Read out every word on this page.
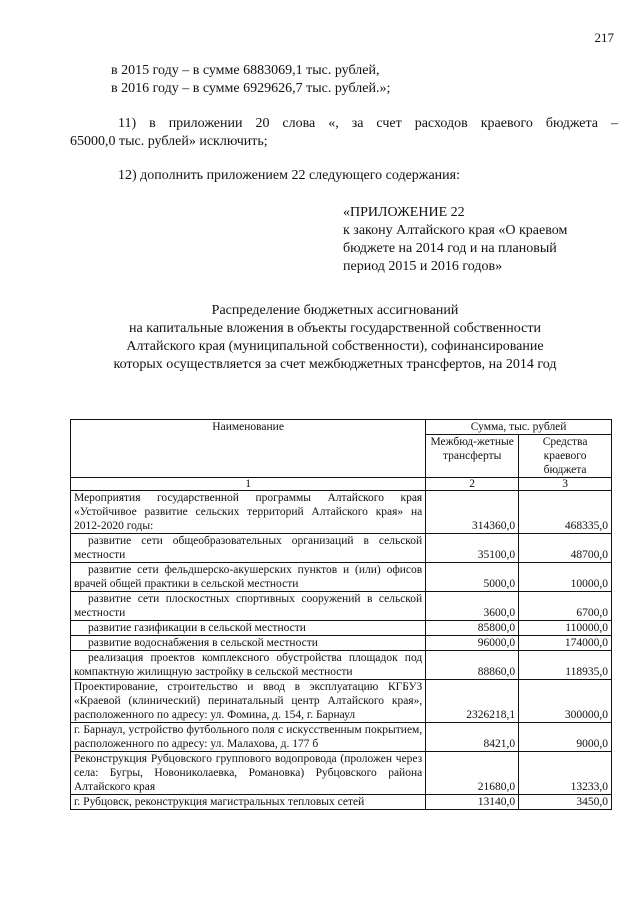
217
в 2015 году – в сумме 6883069,1 тыс. рублей,
в 2016 году – в сумме 6929626,7 тыс. рублей.»;
11) в приложении 20 слова «, за счет расходов краевого бюджета –
65000,0 тыс. рублей» исключить;
12) дополнить приложением 22 следующего содержания:
«ПРИЛОЖЕНИЕ 22
к закону Алтайского края «О краевом
бюджете на 2014 год и на плановый
период 2015 и 2016 годов»
Распределение бюджетных ассигнований
на капитальные вложения в объекты государственной собственности
Алтайского края (муниципальной собственности), софинансирование
которых осуществляется за счет межбюджетных трансфертов, на 2014 год
Наименование	Сумма, тыс. рублей	
	Межбюд-жетные трансферты	Средства краевого бюджета
1	2	3
Мероприятия государственной программы Алтайского края «Устойчивое развитие сельских территорий Алтайского края» на 2012-2020 годы:	314360,0	468335,0
развитие сети общеобразовательных организаций в сельской местности	35100,0	48700,0
развитие сети фельдшерско-акушерских пунктов и (или) офисов врачей общей практики в сельской местности	5000,0	10000,0
развитие сети плоскостных спортивных сооружений в сельской местности	3600,0	6700,0
развитие газификации в сельской местности	85800,0	110000,0
развитие водоснабжения в сельской местности	96000,0	174000,0
реализация проектов комплексного обустройства площадок под компактную жилищную застройку в сельской местности	88860,0	118935,0
Проектирование, строительство и ввод в эксплуатацию КГБУЗ «Краевой (клинический) перинатальный центр Алтайского края», расположенного по адресу: ул. Фомина, д. 154, г. Барнаул	2326218,1	300000,0
г. Барнаул, устройство футбольного поля с искусственным покрытием, расположенного по адресу: ул. Малахова, д. 177 б	8421,0	9000,0
Реконструкция Рубцовского группового водопровода (проложен через села: Бугры, Новониколаевка, Романовка) Рубцовского района Алтайского края	21680,0	13233,0
г. Рубцовск, реконструкция магистральных тепловых сетей	13140,0	3450,0
